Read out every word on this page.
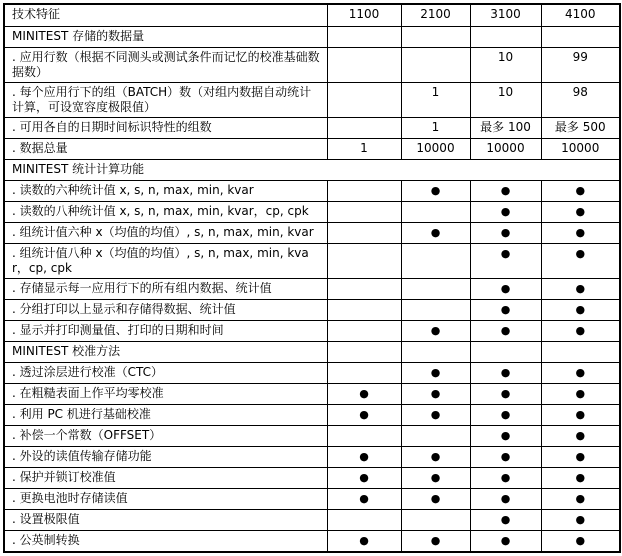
技术特征	1100	2100	3100	4100
MINITEST 存储的数据量				
. 应用行数（根据不同测头或测试条件而记忆的校准基础数据数）			10	99
. 每个应用行下的组（BATCH）数（对组内数据自动统计计算，可设宽容度极限值）		1	10	98
. 可用各自的日期时间标识特性的组数		1	最多 100	最多 500
. 数据总量	1	10000	10000	10000
MINITEST 统计计算功能				
. 读数的六种统计值 x, s, n, max, min, kvar		●	●	●
. 读数的八种统计值 x, s, n, max, min, kvar，cp, cpk			●	●
. 组统计值六种 x（均值的均值）, s, n, max, min, kvar		●	●	●
. 组统计值八种 x（均值的均值）, s, n, max, min, kvar，cp, cpk			●	●
. 存储显示每一应用行下的所有组内数据、统计值			●	●
. 分组打印以上显示和存储得数据、统计值			●	●
. 显示并打印测量值、打印的日期和时间		●	●	●
MINITEST 校准方法				
. 透过涂层进行校准（CTC）		●	●	●
. 在粗糙表面上作平均零校准	●	●	●	●
. 利用 PC 机进行基础校准	●	●	●	●
. 补偿一个常数（OFFSET）			●	●
. 外设的读值传输存储功能	●	●	●	●
. 保护并锁订校准值	●	●	●	●
. 更换电池时存储读值	●	●	●	●
. 设置极限值			●	●
. 公英制转换	●	●	●	●
